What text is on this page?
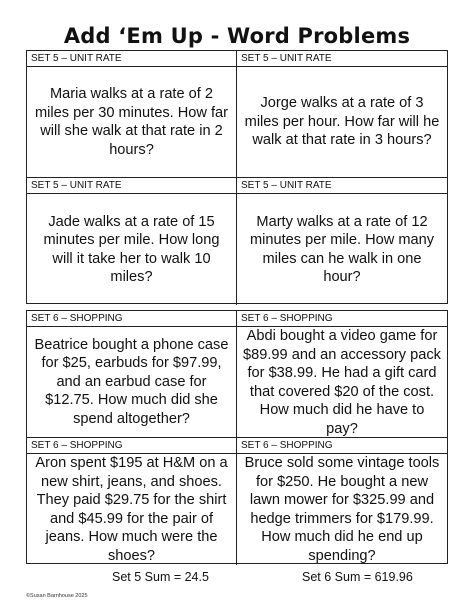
Add ‘Em Up - Word Problems
SET 5 – UNIT RATE
Maria walks at a rate of 2 miles per 30 minutes. How far will she walk at that rate in 2 hours?
SET 5 – UNIT RATE
Jorge walks at a rate of 3 miles per hour. How far will he walk at that rate in 3 hours?
SET 5 – UNIT RATE
Jade walks at a rate of 15 minutes per mile. How long will it take her to walk 10 miles?
SET 5 – UNIT RATE
Marty walks at a rate of 12 minutes per mile. How many miles can he walk in one hour?
SET 6 – SHOPPING
Beatrice bought a phone case for $25, earbuds for $97.99, and an earbud case for $12.75. How much did she spend altogether?
SET 6 – SHOPPING
Abdi bought a video game for $89.99 and an accessory pack for $38.99. He had a gift card that covered $20 of the cost. How much did he have to pay?
SET 6 – SHOPPING
Aron spent $195 at H&M on a new shirt, jeans, and shoes. They paid $29.75 for the shirt and $45.99 for the pair of jeans. How much were the shoes?
SET 6 – SHOPPING
Bruce sold some vintage tools for $250. He bought a new lawn mower for $325.99 and hedge trimmers for $179.99. How much did he end up spending?
Set 5 Sum = 24.5	Set 6 Sum = 619.96
©Susan Barnhouse 2025
